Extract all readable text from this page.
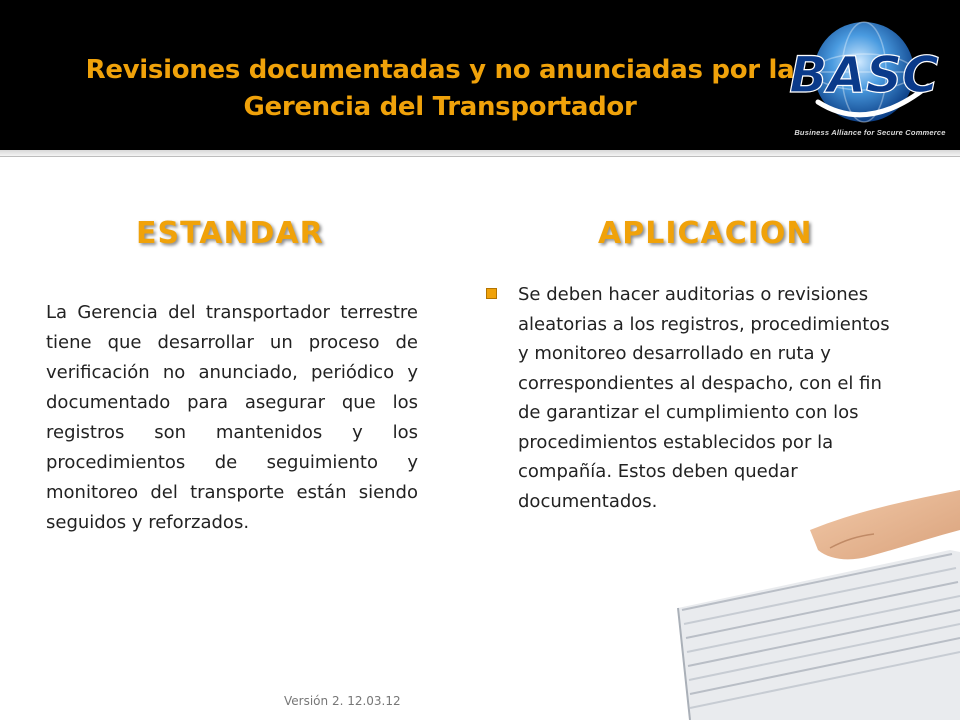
Revisiones documentadas y no anunciadas por la Gerencia del Transportador
BASC
Business Alliance for Secure Commerce
ESTANDAR	APLICACION
La Gerencia del transportador terrestre tiene que desarrollar un proceso de verificación no anunciado, periódico y documentado para asegurar que los registros son mantenidos y los procedimientos de seguimiento y monitoreo del transporte están siendo seguidos y reforzados.
Se deben hacer auditorias o revisiones aleatorias a los registros, procedimientos y monitoreo desarrollado en ruta y correspondientes al despacho, con el fin de garantizar el cumplimiento con los procedimientos establecidos por la compañía. Estos deben quedar documentados.
Versión 2. 12.03.12
